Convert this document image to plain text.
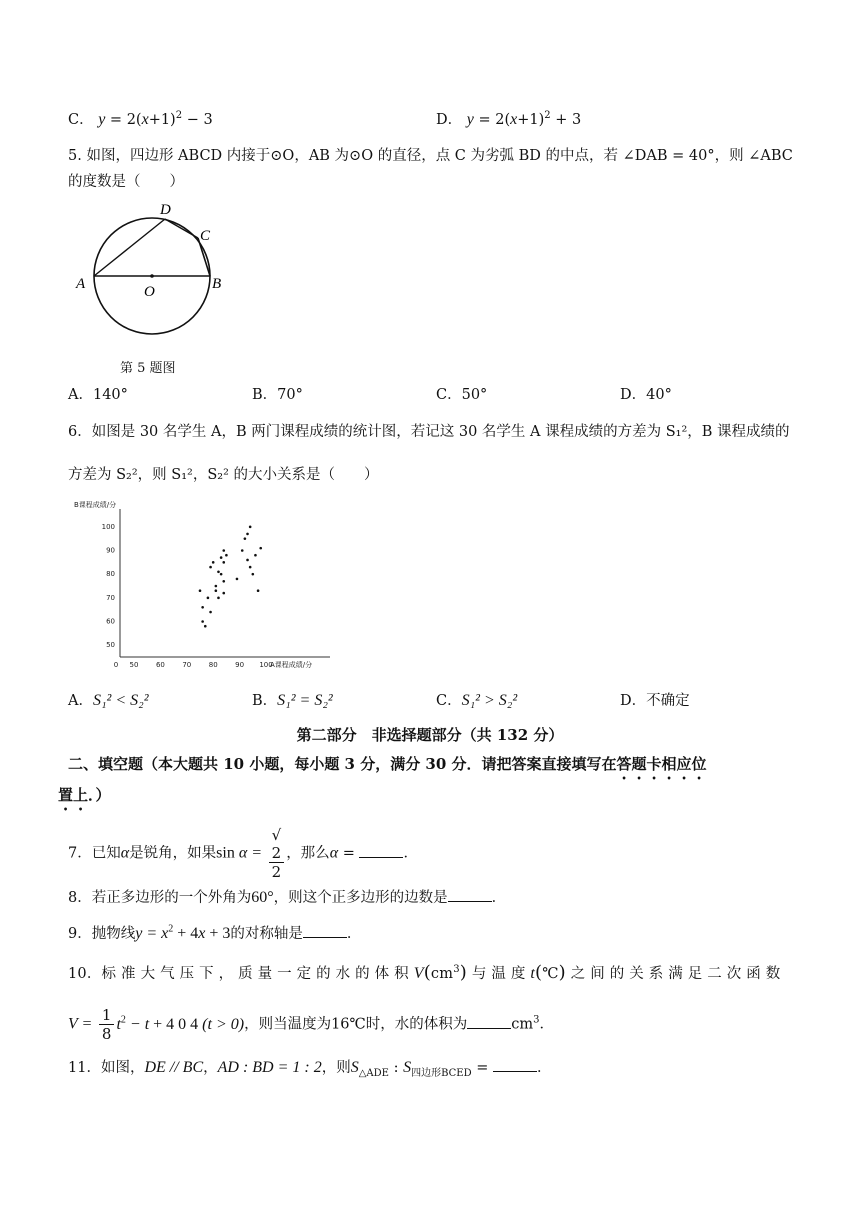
C． $y = 2(x+1)^2 - 3$	D． $y = 2(x+1)^2 + 3$
5. 如图，四边形 ABCD 内接于⊙O，AB 为⊙O 的直径，点 C 为劣弧 BD 的中点，若 ∠DAB = 40°，则 ∠ABC
的度数是（　　）
A	B
C
D
O
第 5 题图
A．140°	B．70°	C．50°	D．40°
6．如图是 30 名学生 A，B 两门课程成绩的统计图，若记这 30 名学生 A 课程成绩的方差为 S₁²，B 课程成绩的
方差为 S₂²，则 S₁²，S₂² 的大小关系是（　　）
50
60
70
80
90
100
0 50 60 70 80 90 100
B课程成绩/分
A课程成绩/分
A．S₁² < S₂²	B．S₁² = S₂²	C．S₁² > S₂²	D．不确定
第二部分　非选择题部分（共 132 分）
二、填空题（本大题共 10 小题，每小题 3 分，满分 30 分．请把答案直接填写在答题卡相应位
置上．）
7．已知α是锐角，如果sin α = √
2
2 ，那么α =	．
8．若正多边形的一个外角为60°，则这个正多边形的边数是	．
9．抛物线$y = x^2 + 4x + 3$的对称轴是	．
10．标 准 大 气 压 下 ， 质 量 一 定 的 水 的 体 积 $V(cm^3)$ 与 温 度 t(℃) 之 间 的 关 系 满 足 二 次 函 数
$V = \frac{1}{8} t^2 - t + 4$ 0 4 (t > 0)，则当温度为16℃时，水的体积为	$cm^3$．
11．如图，DE // BC，AD : BD = 1 : 2，则$S_{\triangle ADE}$ : $S_{四边形BCED}$ =	．
